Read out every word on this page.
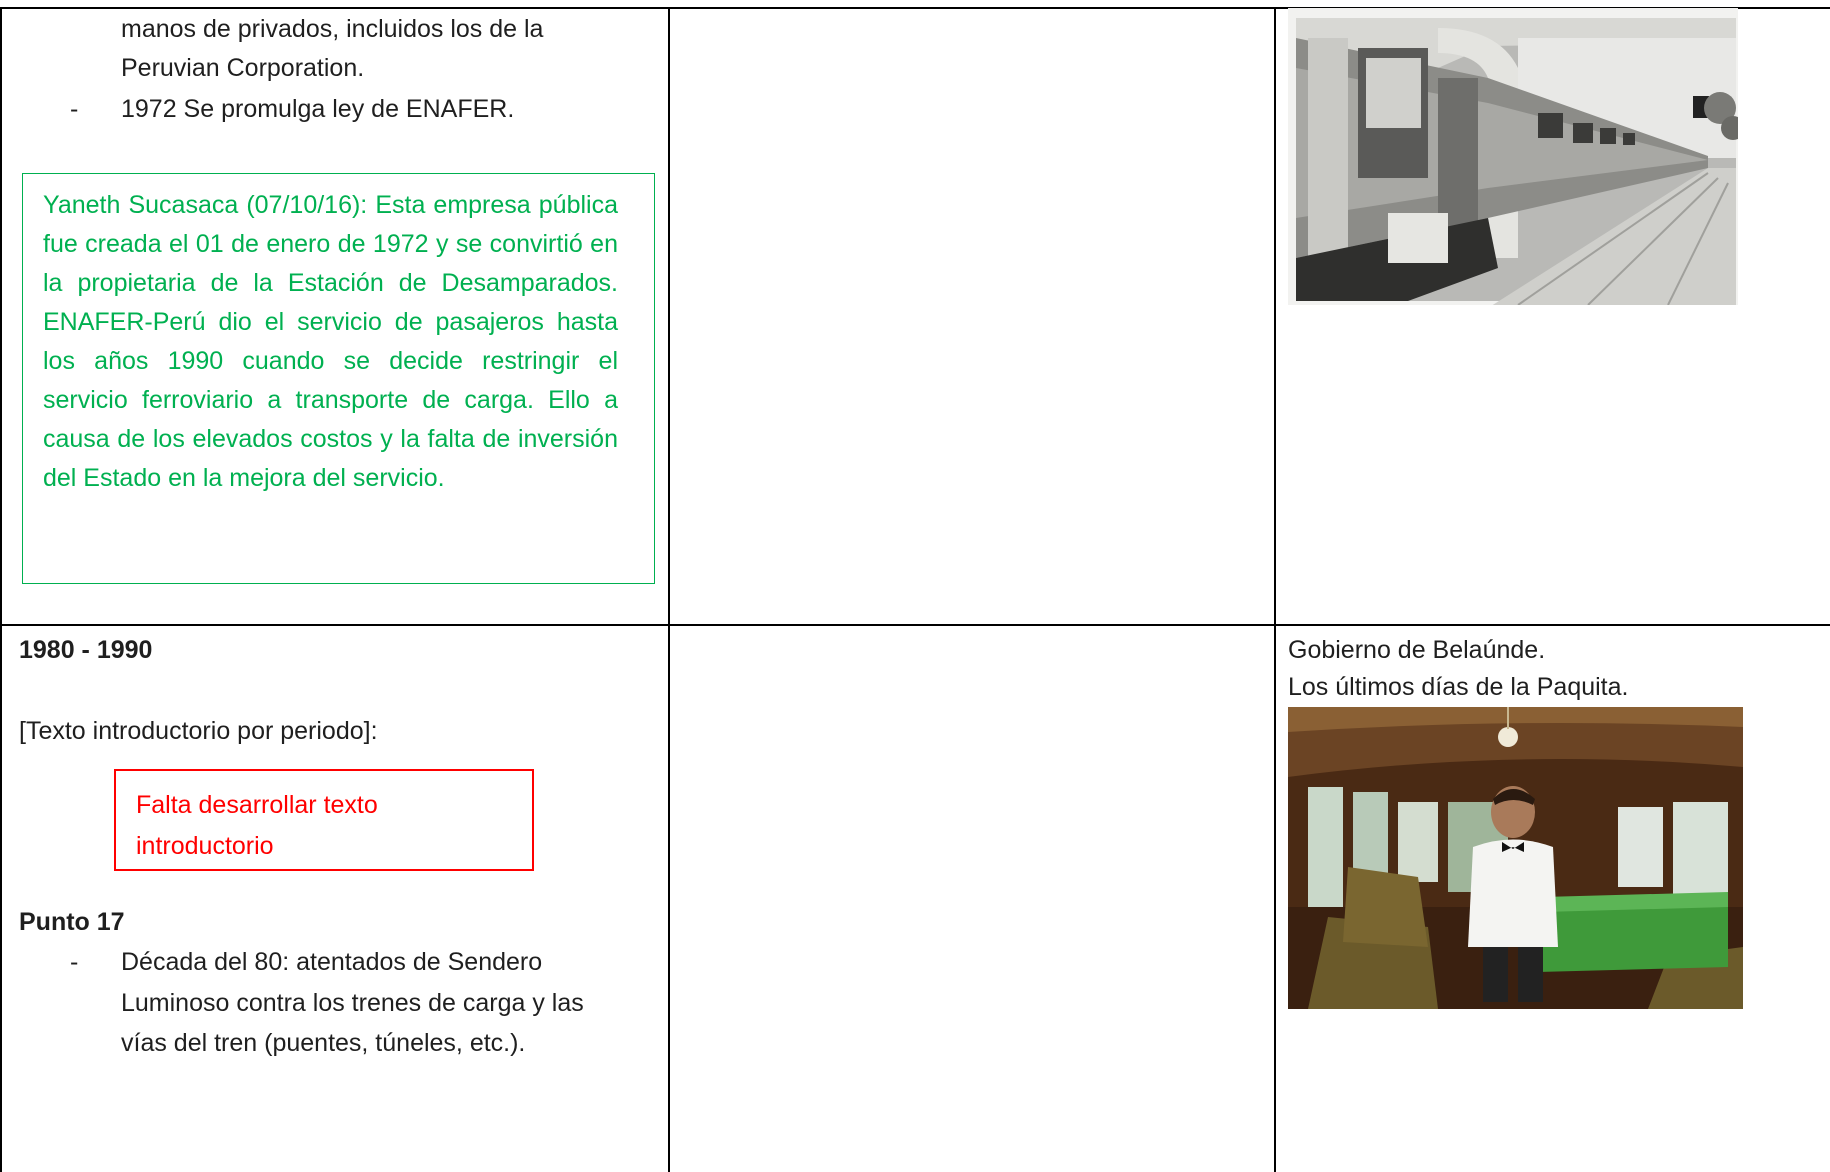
manos de privados, incluidos los de la
Peruvian Corporation.
- 1972 Se promulga ley de ENAFER.
Yaneth Sucasaca (07/10/16): Esta empresa pública fue creada el 01 de enero de 1972 y se convirtió en la propietaria de la Estación de Desamparados. ENAFER-Perú dio el servicio de pasajeros hasta los años 1990 cuando se decide restringir el servicio ferroviario a transporte de carga. Ello a causa de los elevados costos y la falta de inversión del Estado en la mejora del servicio.
1980 - 1990
[Texto introductorio por periodo]:
Falta desarrollar texto introductorio
Punto 17
- Década del 80: atentados de Sendero
Luminoso contra los trenes de carga y las
vías del tren (puentes, túneles, etc.).
Gobierno de Belaúnde.
Los últimos días de la Paquita.
